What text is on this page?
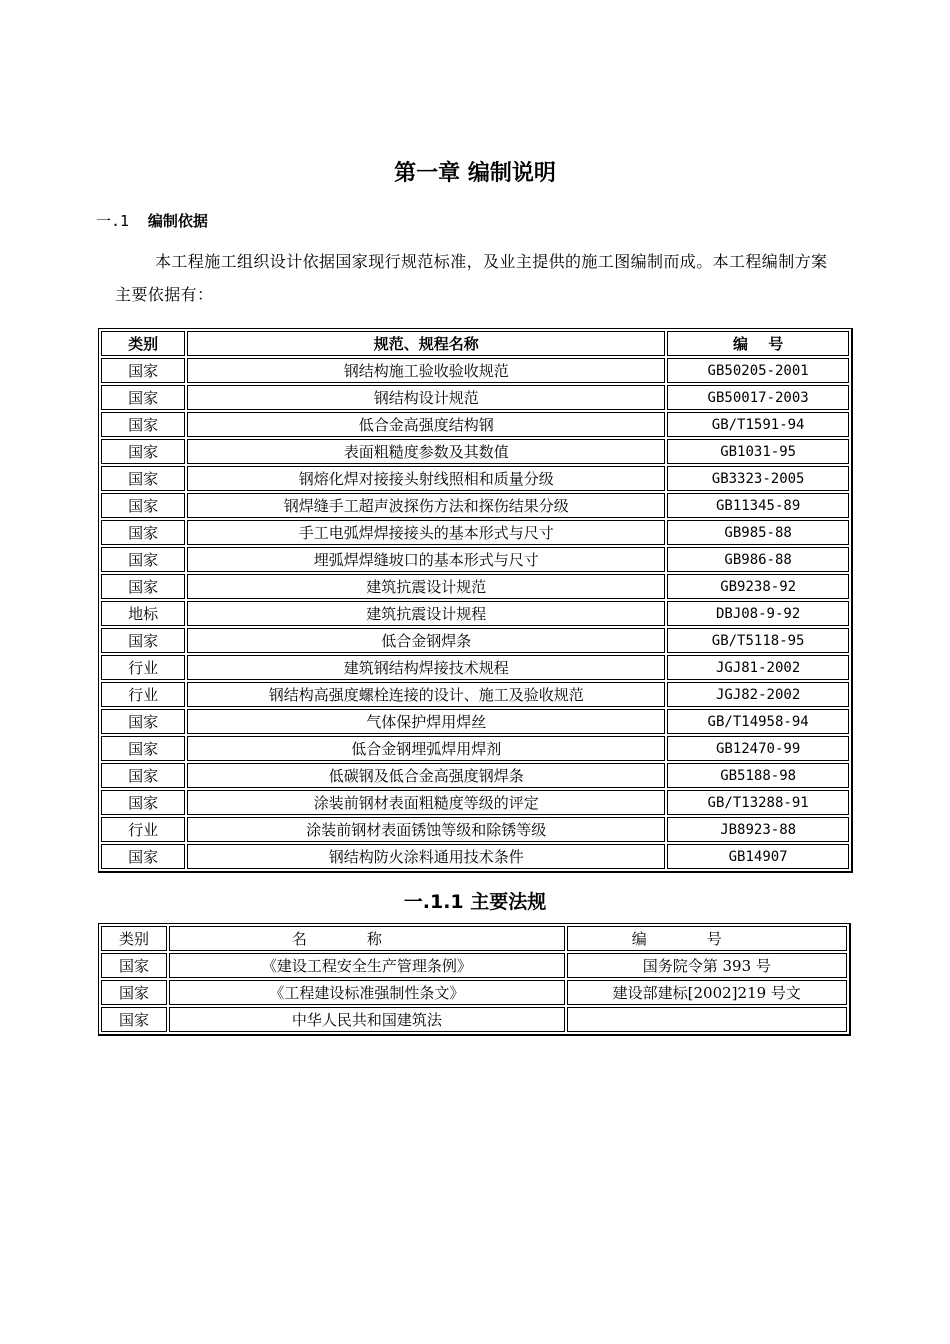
第一章 编制说明
一.1 编制依据
本工程施工组织设计依据国家现行规范标准，及业主提供的施工图编制而成。本工程编制方案主要依据有：
类别	规范、规程名称	编　 号
国家	钢结构施工验收验收规范	GB50205-2001
国家	钢结构设计规范	GB50017-2003
国家	低合金高强度结构钢	GB/T1591-94
国家	表面粗糙度参数及其数值	GB1031-95
国家	钢熔化焊对接接头射线照相和质量分级	GB3323-2005
国家	钢焊缝手工超声波探伤方法和探伤结果分级	GB11345-89
国家	手工电弧焊焊接接头的基本形式与尺寸	GB985-88
国家	埋弧焊焊缝坡口的基本形式与尺寸	GB986-88
国家	建筑抗震设计规范	GB9238-92
地标	建筑抗震设计规程	DBJ08-9-92
国家	低合金钢焊条	GB/T5118-95
行业	建筑钢结构焊接技术规程	JGJ81-2002
行业	钢结构高强度螺栓连接的设计、施工及验收规范	JGJ82-2002
国家	气体保护焊用焊丝	GB/T14958-94
国家	低合金钢埋弧焊用焊剂	GB12470-99
国家	低碳钢及低合金高强度钢焊条	GB5188-98
国家	涂装前钢材表面粗糙度等级的评定	GB/T13288-91
行业	涂装前钢材表面锈蚀等级和除锈等级	JB8923-88
国家	钢结构防火涂料通用技术条件	GB14907
一.1.1 主要法规
类别	名称	编号
国家	《建设工程安全生产管理条例》	国务院令第 393 号
国家	《工程建设标准强制性条文》	建设部建标[2002]219 号文
国家	中华人民共和国建筑法	
